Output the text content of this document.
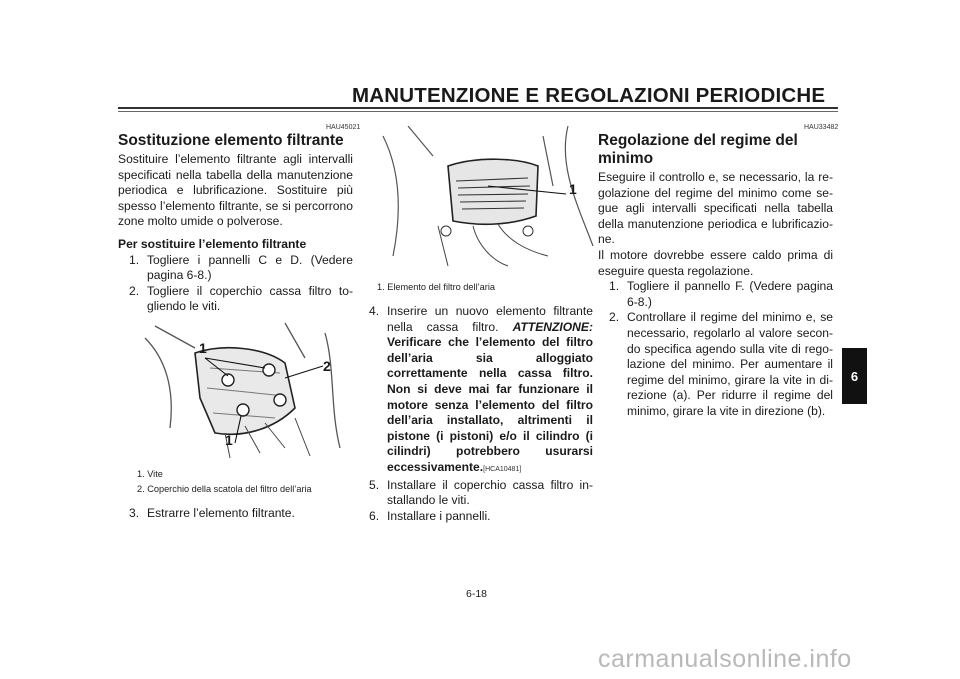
MANUTENZIONE E REGOLAZIONI PERIODICHE
HAU45021
Sostituzione elemento filtrante

Sostituire l’elemento filtrante agli intervalli specificati nella tabella della manutenzione periodica e lubrificazione. Sostituire più spesso l’elemento filtrante, se si percorrono zone molto umide o polverose.

Per sostituire l’elemento filtrante

1. Togliere i pannelli C e D. (Vedere pagina 6-8.)
2. Togliere il coperchio cassa filtro to-gliendo le viti.
1
2
1
1. Vite
2. Coperchio della scatola del filtro dell’aria
3. Estrarre l’elemento filtrante.
1
1. Elemento del filtro dell’aria
4. Inserire un nuovo elemento filtrante nella cassa filtro. ATTENZIONE: Verificare che l’elemento del filtro dell’aria sia alloggiato correttamente nella cassa filtro. Non si deve mai far funzionare il motore senza l’elemento del filtro dell’aria installato, altrimenti il pistone (i pistoni) e/o il cilindro (i cilindri) potrebbero usurarsi eccessivamente.[HCA10481]
5. Installare il coperchio cassa filtro in-stallando le viti.
6. Installare i pannelli.
HAU33482
Regolazione del regime del minimo

Eseguire il controllo e, se necessario, la re-golazione del regime del minimo come se-gue agli intervalli specificati nella tabella della manutenzione periodica e lubrificazio-ne.

Il motore dovrebbe essere caldo prima di eseguire questa regolazione.

1. Togliere il pannello F. (Vedere pagina 6-8.)
2. Controllare il regime del minimo e, se necessario, regolarlo al valore secon-do specifica agendo sulla vite di rego-lazione del minimo. Per aumentare il regime del minimo, girare la vite in di-rezione (a). Per ridurre il regime del minimo, girare la vite in direzione (b).
6
6-18
carmanualsonline.info
